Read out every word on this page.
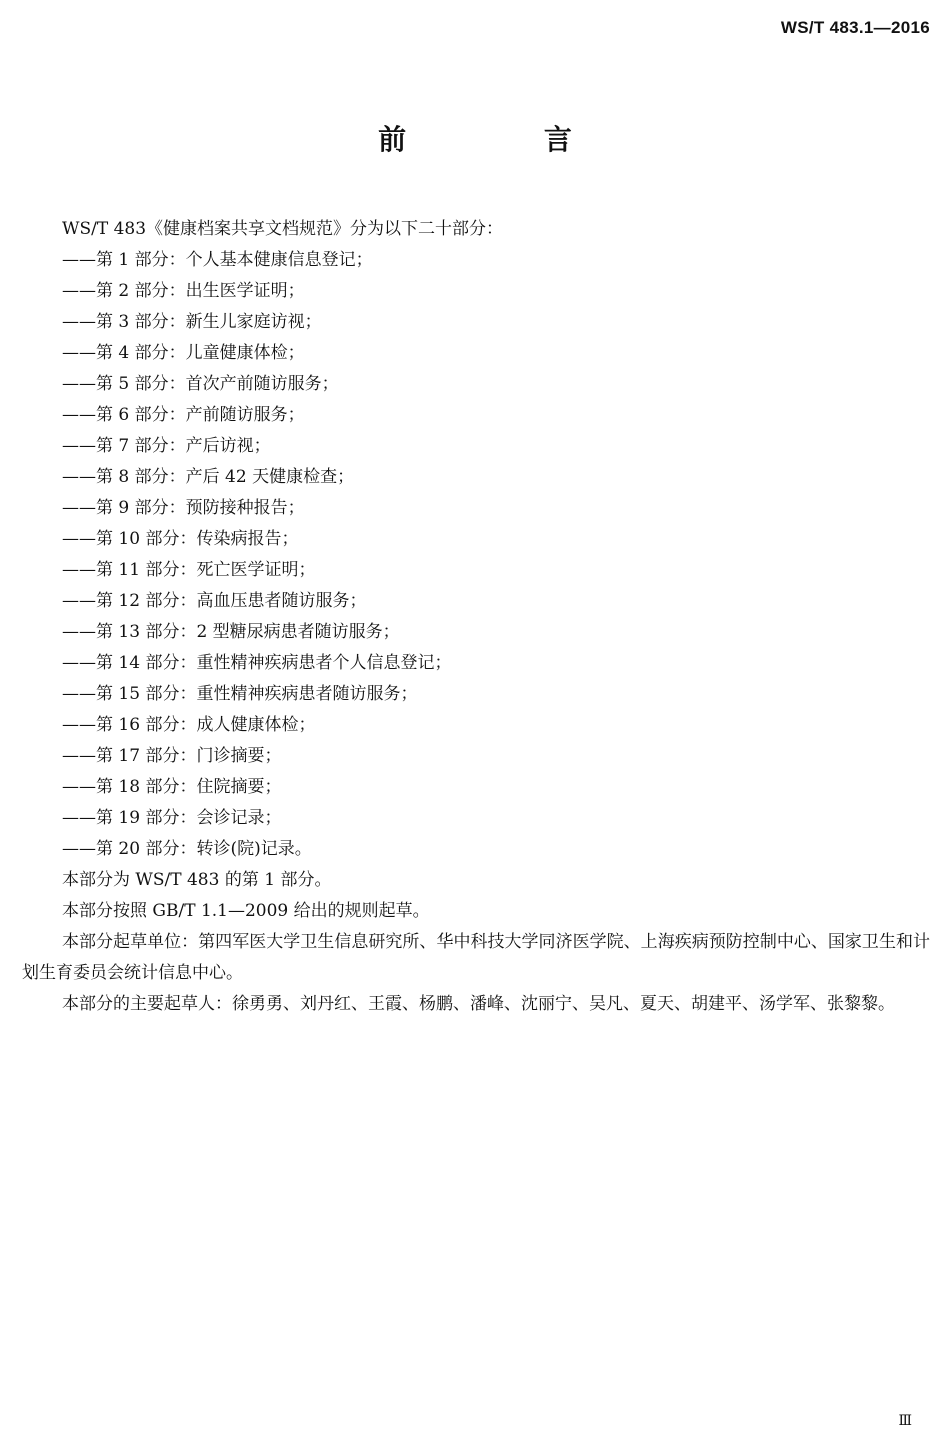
WS/T 483.1—2016
前 言

WS/T 483《健康档案共享文档规范》分为以下二十部分：

——第 1 部分：个人基本健康信息登记；
——第 2 部分：出生医学证明；
——第 3 部分：新生儿家庭访视；
——第 4 部分：儿童健康体检；
——第 5 部分：首次产前随访服务；
——第 6 部分：产前随访服务；
——第 7 部分：产后访视；
——第 8 部分：产后 42 天健康检查；
——第 9 部分：预防接种报告；
——第 10 部分：传染病报告；
——第 11 部分：死亡医学证明；
——第 12 部分：高血压患者随访服务；
——第 13 部分：2 型糖尿病患者随访服务；
——第 14 部分：重性精神疾病患者个人信息登记；
——第 15 部分：重性精神疾病患者随访服务；
——第 16 部分：成人健康体检；
——第 17 部分：门诊摘要；
——第 18 部分：住院摘要；
——第 19 部分：会诊记录；
——第 20 部分：转诊(院)记录。

本部分为 WS/T 483 的第 1 部分。

本部分按照 GB/T 1.1—2009 给出的规则起草。

本部分起草单位：第四军医大学卫生信息研究所、华中科技大学同济医学院、上海疾病预防控制中心、国家卫生和计划生育委员会统计信息中心。

本部分的主要起草人：徐勇勇、刘丹红、王霞、杨鹏、潘峰、沈丽宁、吴凡、夏天、胡建平、汤学军、张黎黎。

Ⅲ
